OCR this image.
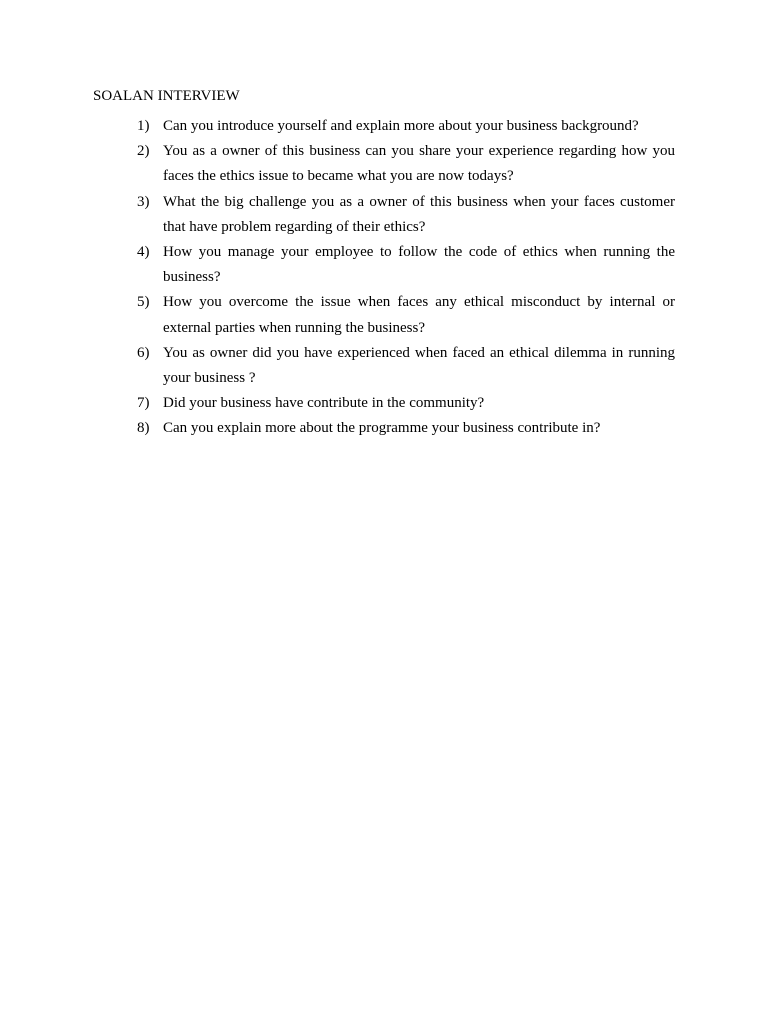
SOALAN INTERVIEW
1) Can you introduce yourself and explain more about your business background?
2) You as a owner of this business can you share your experience regarding how you faces the ethics issue to became what you are now todays?
3) What the big challenge you as a owner of this business when your faces customer that have problem regarding of their ethics?
4) How you manage your employee to follow the code of ethics when running the business?
5) How you overcome the issue when faces any ethical misconduct by internal or external parties when running the business?
6) You as owner did you have experienced when faced an ethical dilemma in running your business ?
7) Did your business have contribute in the community?
8) Can you explain more about the programme your business contribute in?
